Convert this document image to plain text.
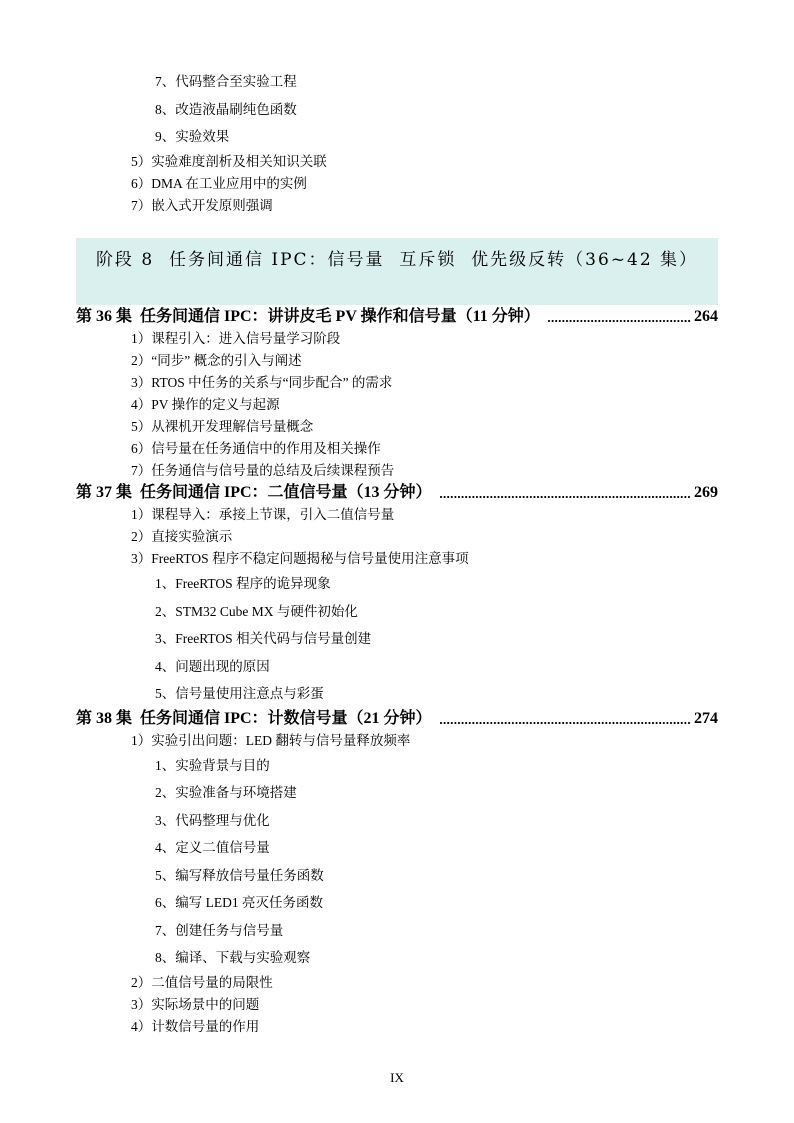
7、代码整合至实验工程
8、改造液晶刷纯色函数
9、实验效果
5）实验难度剖析及相关知识关联
6）DMA 在工业应用中的实例
7）嵌入式开发原则强调
阶段 8  任务间通信 IPC：信号量  互斥锁  优先级反转（36~42 集）
第 36 集  任务间通信 IPC：讲讲皮毛 PV 操作和信号量（11 分钟）	264
1）课程引入：进入信号量学习阶段
2）“同步” 概念的引入与阐述
3）RTOS 中任务的关系与“同步配合” 的需求
4）PV 操作的定义与起源
5）从裸机开发理解信号量概念
6）信号量在任务通信中的作用及相关操作
7）任务通信与信号量的总结及后续课程预告
第 37 集  任务间通信 IPC：二值信号量（13 分钟）	269
1）课程导入：承接上节课，引入二值信号量
2）直接实验演示
3）FreeRTOS 程序不稳定问题揭秘与信号量使用注意事项
1、FreeRTOS 程序的诡异现象
2、STM32 Cube MX 与硬件初始化
3、FreeRTOS 相关代码与信号量创建
4、问题出现的原因
5、信号量使用注意点与彩蛋
第 38 集  任务间通信 IPC：计数信号量（21 分钟）	274
1）实验引出问题：LED 翻转与信号量释放频率
1、实验背景与目的
2、实验准备与环境搭建
3、代码整理与优化
4、定义二值信号量
5、编写释放信号量任务函数
6、编写 LED1 亮灭任务函数
7、创建任务与信号量
8、编译、下载与实验观察
2）二值信号量的局限性
3）实际场景中的问题
4）计数信号量的作用
IX
